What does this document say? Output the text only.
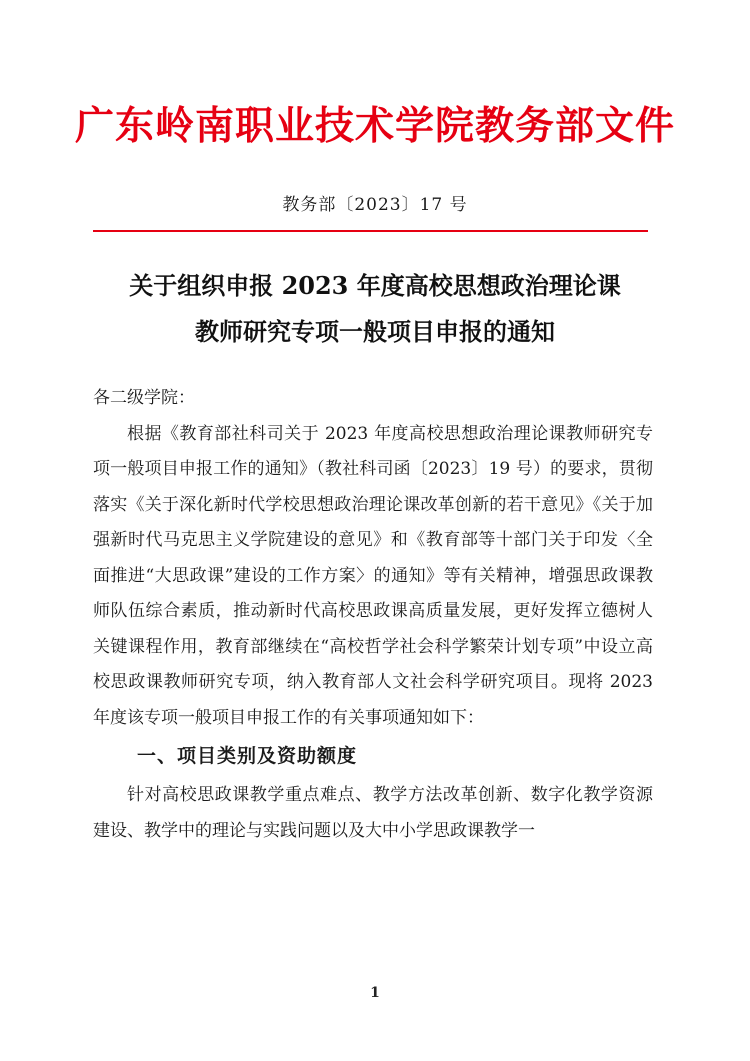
广东岭南职业技术学院教务部文件
教务部〔2023〕17 号
关于组织申报 2023 年度高校思想政治理论课
教师研究专项一般项目申报的通知

各二级学院：

根据《教育部社科司关于 2023 年度高校思想政治理论课教师研究专项一般项目申报工作的通知》（教社科司函〔2023〕19 号）的要求，贯彻落实《关于深化新时代学校思想政治理论课改革创新的若干意见》《关于加强新时代马克思主义学院建设的意见》和《教育部等十部门关于印发〈全面推进“大思政课”建设的工作方案〉的通知》等有关精神，增强思政课教师队伍综合素质，推动新时代高校思政课高质量发展，更好发挥立德树人关键课程作用，教育部继续在“高校哲学社会科学繁荣计划专项”中设立高校思政课教师研究专项，纳入教育部人文社会科学研究项目。现将 2023 年度该专项一般项目申报工作的有关事项通知如下：

一、项目类别及资助额度

针对高校思政课教学重点难点、教学方法改革创新、数字化教学资源建设、教学中的理论与实践问题以及大中小学思政课教学一

1
